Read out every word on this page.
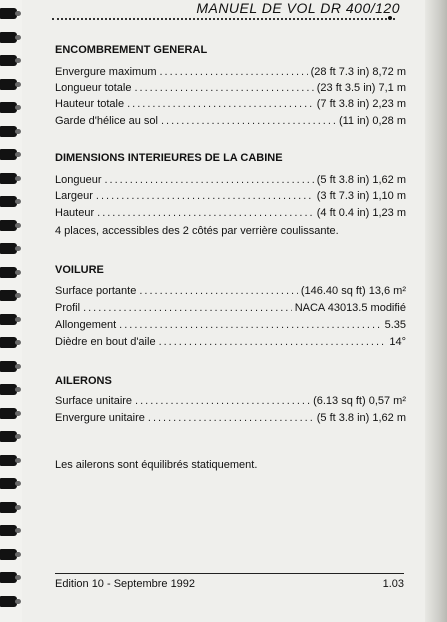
MANUEL DE VOL DR 400/120
ENCOMBREMENT GENERAL
Envergure maximum .....	(28 ft 7.3 in) 8,72 m
Longueur totale .....	(23 ft 3.5 in) 7,1 m
Hauteur totale .....	(7 ft 3.8 in) 2,23 m
Garde d'hélice au sol .....	(11 in) 0,28 m
DIMENSIONS INTERIEURES DE LA CABINE
Longueur .....	(5 ft 3.8 in) 1,62 m
Largeur .....	(3 ft 7.3 in) 1,10 m
Hauteur .....	(4 ft 0.4 in) 1,23 m
4 places, accessibles des 2 côtés par verrière coulissante.
VOILURE
Surface portante .....	(146.40 sq ft) 13,6 m²
Profil .....	NACA 43013.5 modifié
Allongement .....	5.35
Dièdre en bout d'aile .....	14°
AILERONS
Surface unitaire .....	(6.13 sq ft) 0,57 m²
Envergure unitaire .....	(5 ft 3.8 in) 1,62 m
Les ailerons sont équilibrés statiquement.
Edition 10 - Septembre 1992	1.03
